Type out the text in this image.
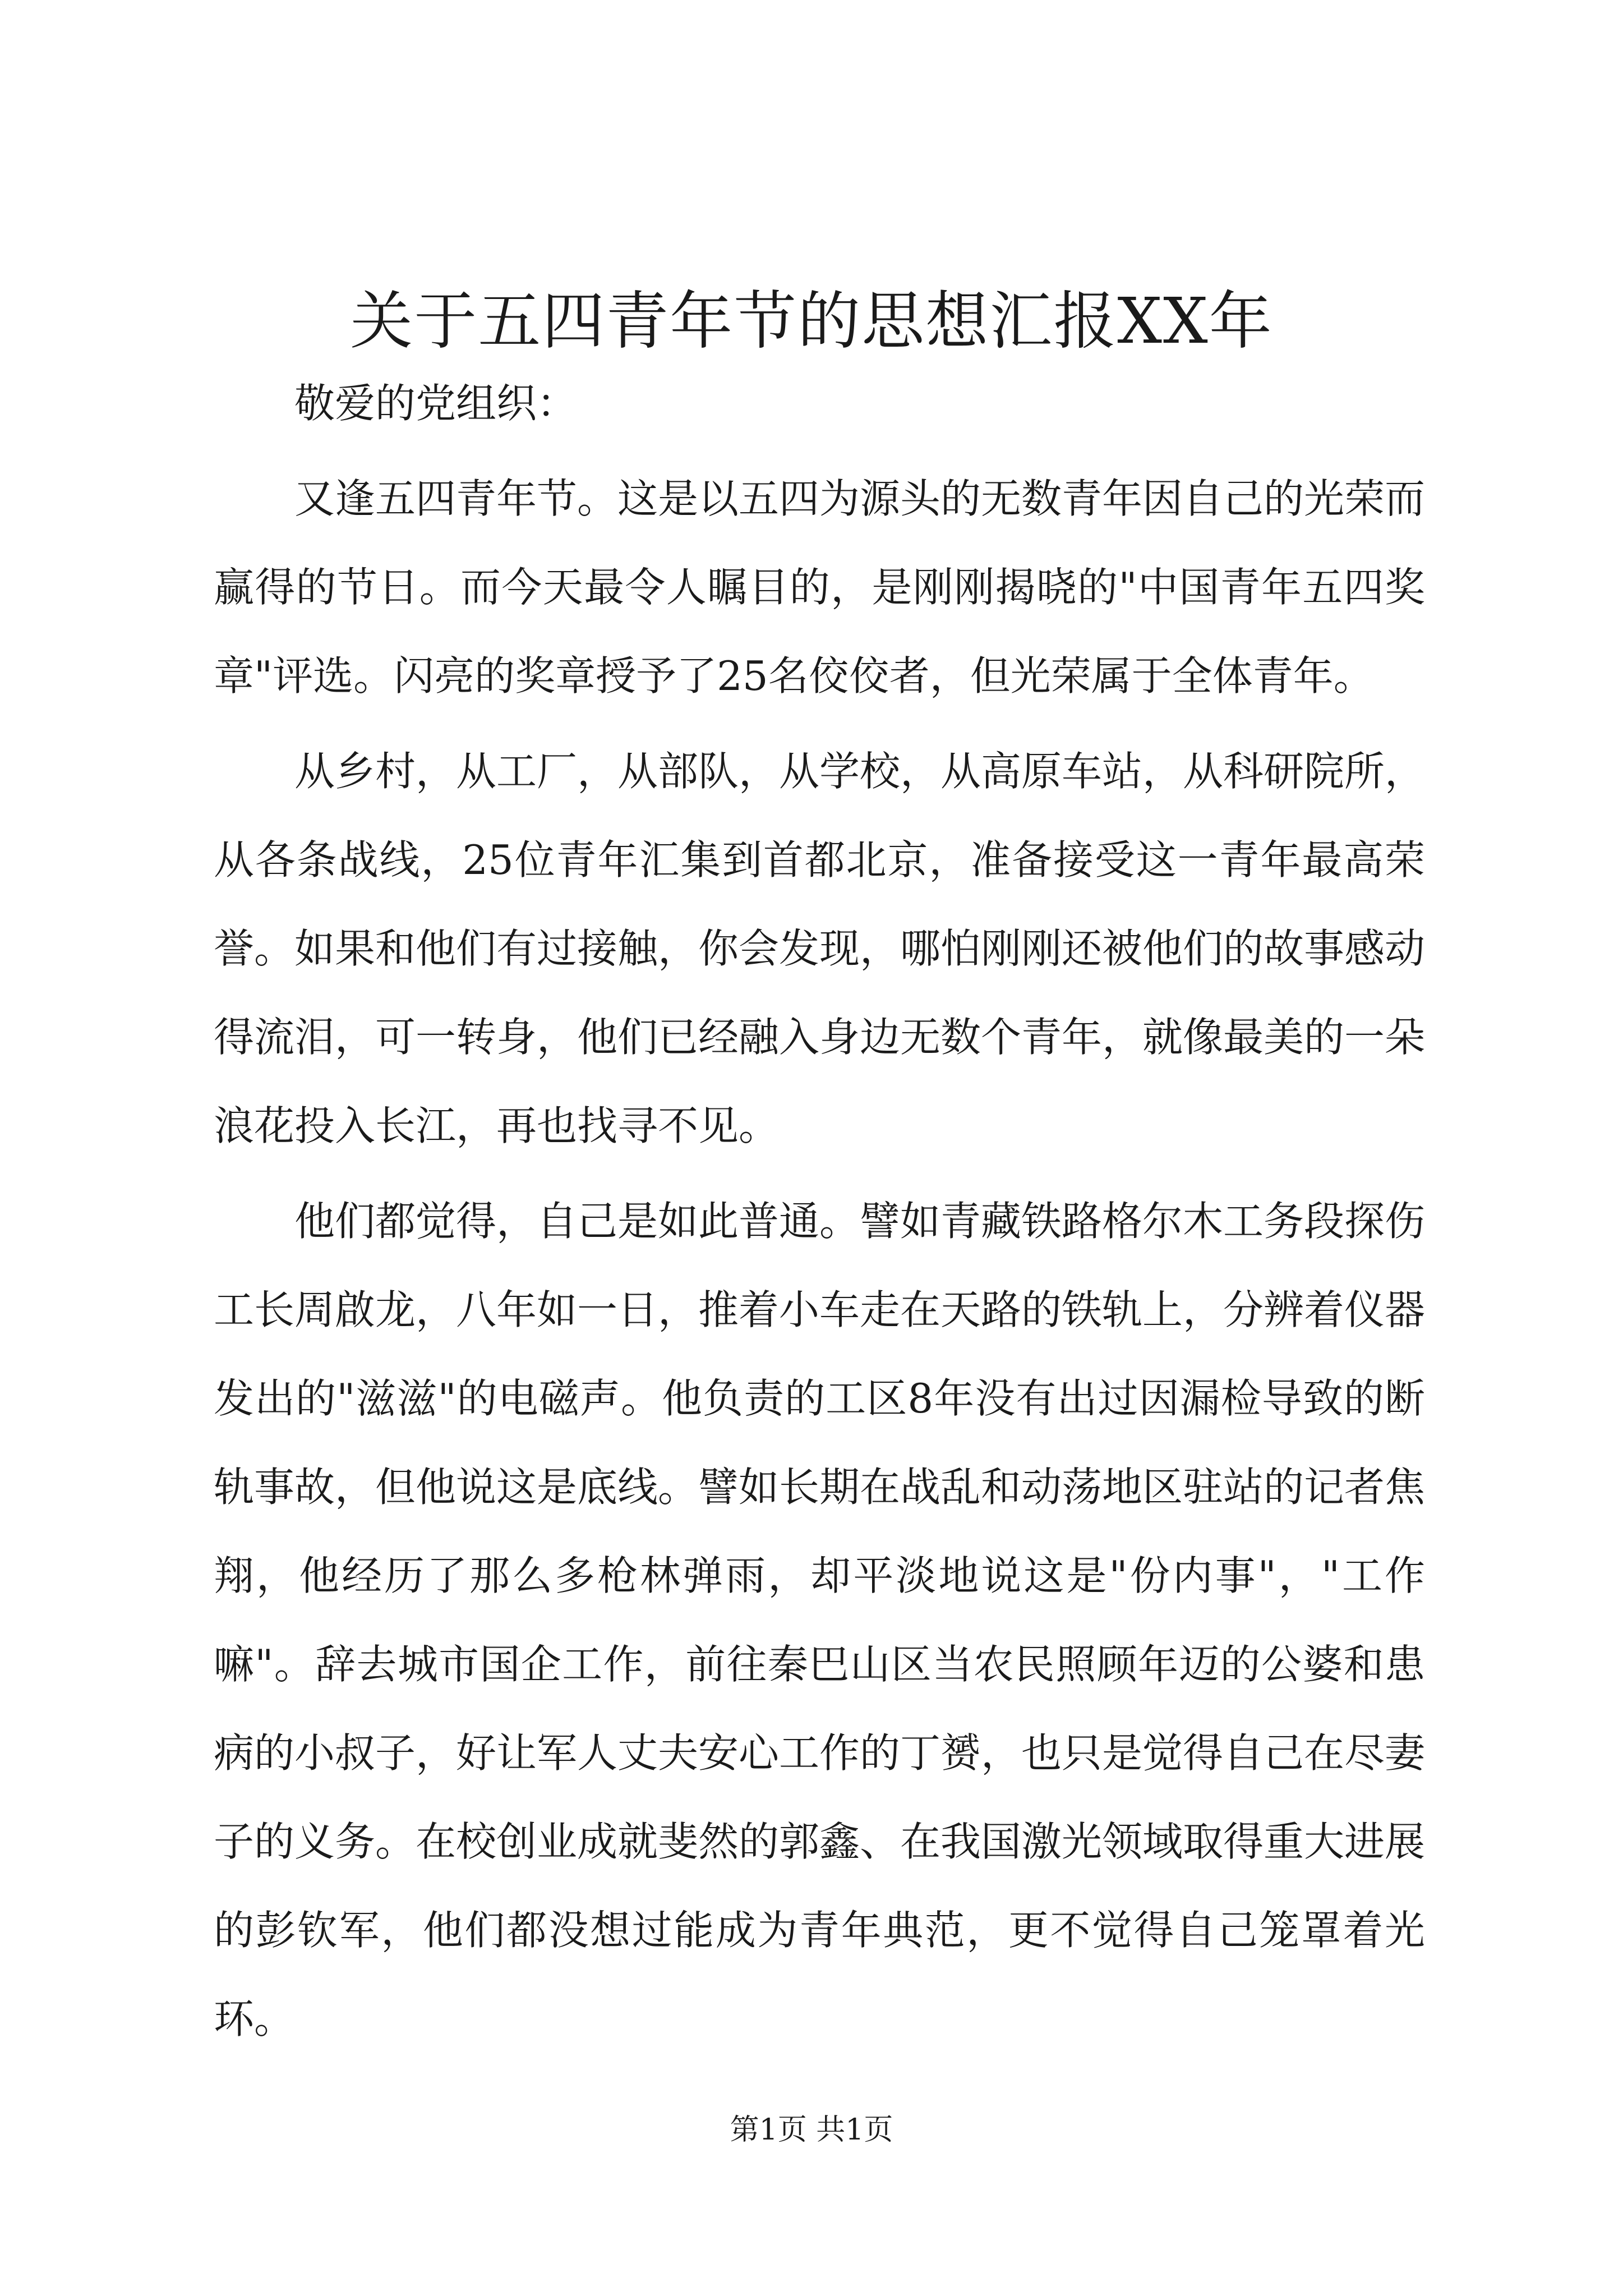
关于五四青年节的思想汇报XX年

敬爱的党组织：

又逢五四青年节。这是以五四为源头的无数青年因自己的光荣而赢得的节日。而今天最令人瞩目的，是刚刚揭晓的"中国青年五四奖章"评选。闪亮的奖章授予了25名佼佼者，但光荣属于全体青年。

从乡村，从工厂，从部队，从学校，从高原车站，从科研院所，从各条战线，25位青年汇集到首都北京，准备接受这一青年最高荣誉。如果和他们有过接触，你会发现，哪怕刚刚还被他们的故事感动得流泪，可一转身，他们已经融入身边无数个青年，就像最美的一朵浪花投入长江，再也找寻不见。

他们都觉得，自己是如此普通。譬如青藏铁路格尔木工务段探伤工长周啟龙，八年如一日，推着小车走在天路的铁轨上，分辨着仪器发出的"滋滋"的电磁声。他负责的工区8年没有出过因漏检导致的断轨事故，但他说这是底线。譬如长期在战乱和动荡地区驻站的记者焦翔，他经历了那么多枪林弹雨，却平淡地说这是"份内事"，"工作嘛"。辞去城市国企工作，前往秦巴山区当农民照顾年迈的公婆和患病的小叔子，好让军人丈夫安心工作的丁赟，也只是觉得自己在尽妻子的义务。在校创业成就斐然的郭鑫、在我国激光领域取得重大进展的彭钦军，他们都没想过能成为青年典范，更不觉得自己笼罩着光环。

第1页 共1页
